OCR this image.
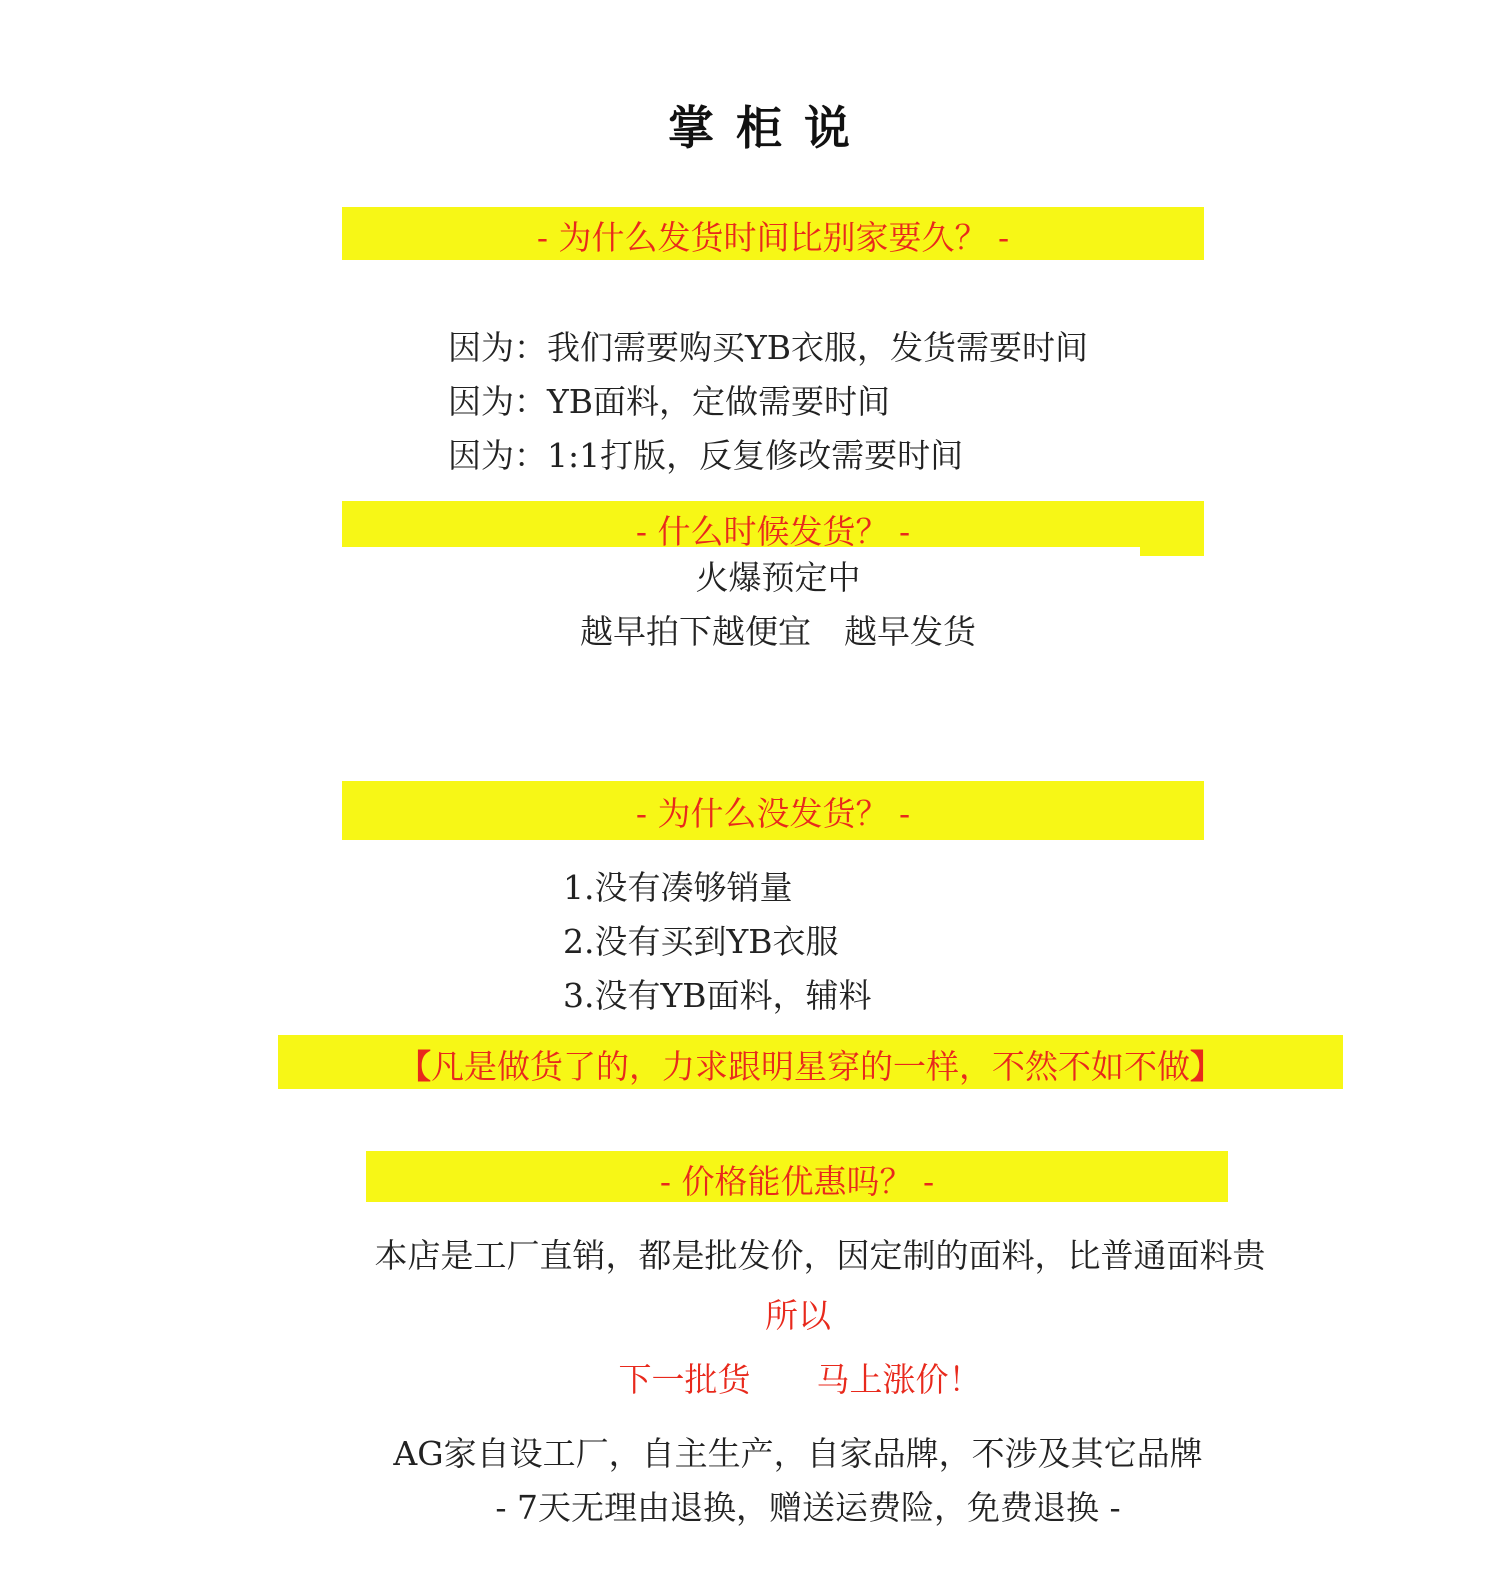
掌柜说
- 为什么发货时间比别家要久？ -
因为：我们需要购买YB衣服，发货需要时间
因为：YB面料，定做需要时间
因为：1:1打版，反复修改需要时间
- 什么时候发货？ -
火爆预定中
越早拍下越便宜　越早发货
- 为什么没发货？ -
1.没有凑够销量
2.没有买到YB衣服
3.没有YB面料，辅料
【凡是做货了的，力求跟明星穿的一样，不然不如不做】
- 价格能优惠吗？ -
本店是工厂直销，都是批发价，因定制的面料，比普通面料贵
所以
下一批货　　马上涨价！
AG家自设工厂，自主生产，自家品牌，不涉及其它品牌
- 7天无理由退换，赠送运费险，免费退换 -
